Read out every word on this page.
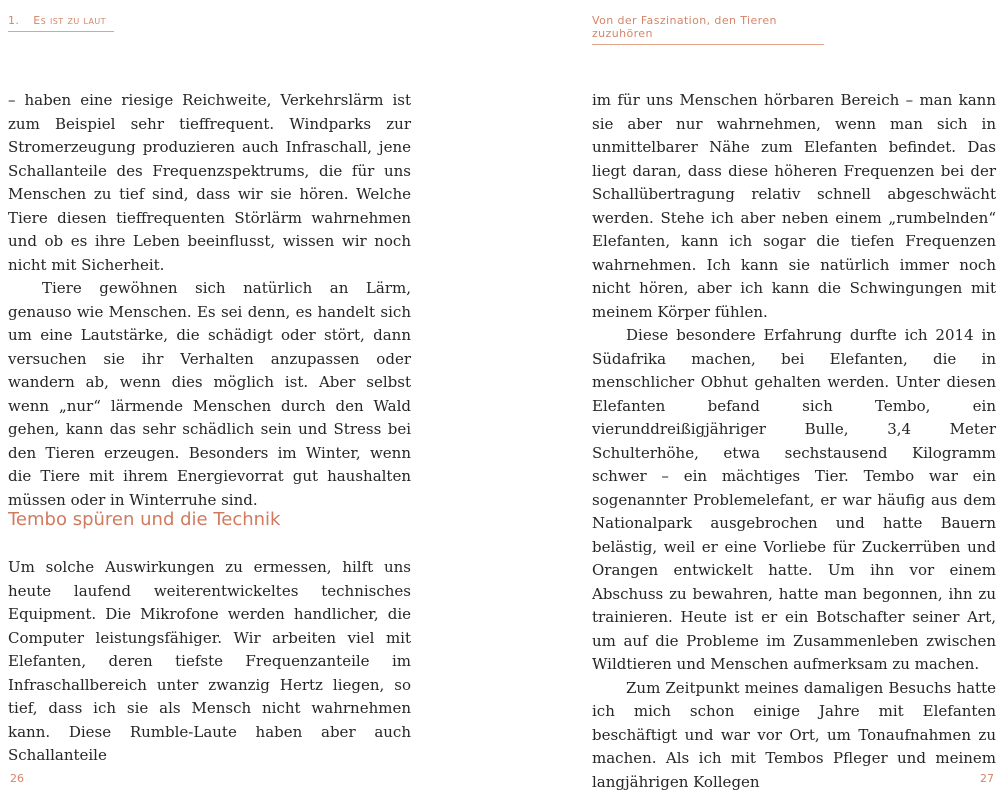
1. Es ist zu laut

– haben eine riesige Reichweite, Verkehrslärm ist zum Beispiel sehr tieffrequent. Windparks zur Stromerzeugung produzieren auch Infraschall, jene Schallanteile des Frequenzspektrums, die für uns Menschen zu tief sind, dass wir sie hören. Welche Tiere diesen tieffrequenten Störlärm wahrnehmen und ob es ihre Leben beeinflusst, wissen wir noch nicht mit Sicherheit.

Tiere gewöhnen sich natürlich an Lärm, genauso wie Menschen. Es sei denn, es handelt sich um eine Lautstärke, die schädigt oder stört, dann versuchen sie ihr Verhalten anzupassen oder wandern ab, wenn dies möglich ist. Aber selbst wenn „nur“ lärmende Menschen durch den Wald gehen, kann das sehr schädlich sein und Stress bei den Tieren erzeugen. Besonders im Winter, wenn die Tiere mit ihrem Energievorrat gut haushalten müssen oder in Winterruhe sind.

Tembo spüren und die Technik

Um solche Auswirkungen zu ermessen, hilft uns heute laufend weiterentwickeltes technisches Equipment. Die Mikrofone werden handlicher, die Computer leistungsfähiger. Wir arbeiten viel mit Elefanten, deren tiefste Frequenzanteile im Infraschallbereich unter zwanzig Hertz liegen, so tief, dass ich sie als Mensch nicht wahrnehmen kann. Diese Rumble-Laute haben aber auch Schallanteile

26
Von der Faszination, den Tieren zuzuhören

im für uns Menschen hörbaren Bereich – man kann sie aber nur wahrnehmen, wenn man sich in unmittelbarer Nähe zum Elefanten befindet. Das liegt daran, dass diese höheren Frequenzen bei der Schallübertragung relativ schnell abgeschwächt werden. Stehe ich aber neben einem „rumbelnden“ Elefanten, kann ich sogar die tiefen Frequenzen wahrnehmen. Ich kann sie natürlich immer noch nicht hören, aber ich kann die Schwingungen mit meinem Körper fühlen.

Diese besondere Erfahrung durfte ich 2014 in Südafrika machen, bei Elefanten, die in menschlicher Obhut gehalten werden. Unter diesen Elefanten befand sich Tembo, ein vierunddreißigjähriger Bulle, 3,4 Meter Schulterhöhe, etwa sechstausend Kilogramm schwer – ein mächtiges Tier. Tembo war ein sogenannter Problemelefant, er war häufig aus dem Nationalpark ausgebrochen und hatte Bauern belästig, weil er eine Vorliebe für Zuckerrüben und Orangen entwickelt hatte. Um ihn vor einem Abschuss zu bewahren, hatte man begonnen, ihn zu trainieren. Heute ist er ein Botschafter seiner Art, um auf die Probleme im Zusammenleben zwischen Wildtieren und Menschen aufmerksam zu machen.

Zum Zeitpunkt meines damaligen Besuchs hatte ich mich schon einige Jahre mit Elefanten beschäftigt und war vor Ort, um Tonaufnahmen zu machen. Als ich mit Tembos Pfleger und meinem langjährigen Kollegen	27
